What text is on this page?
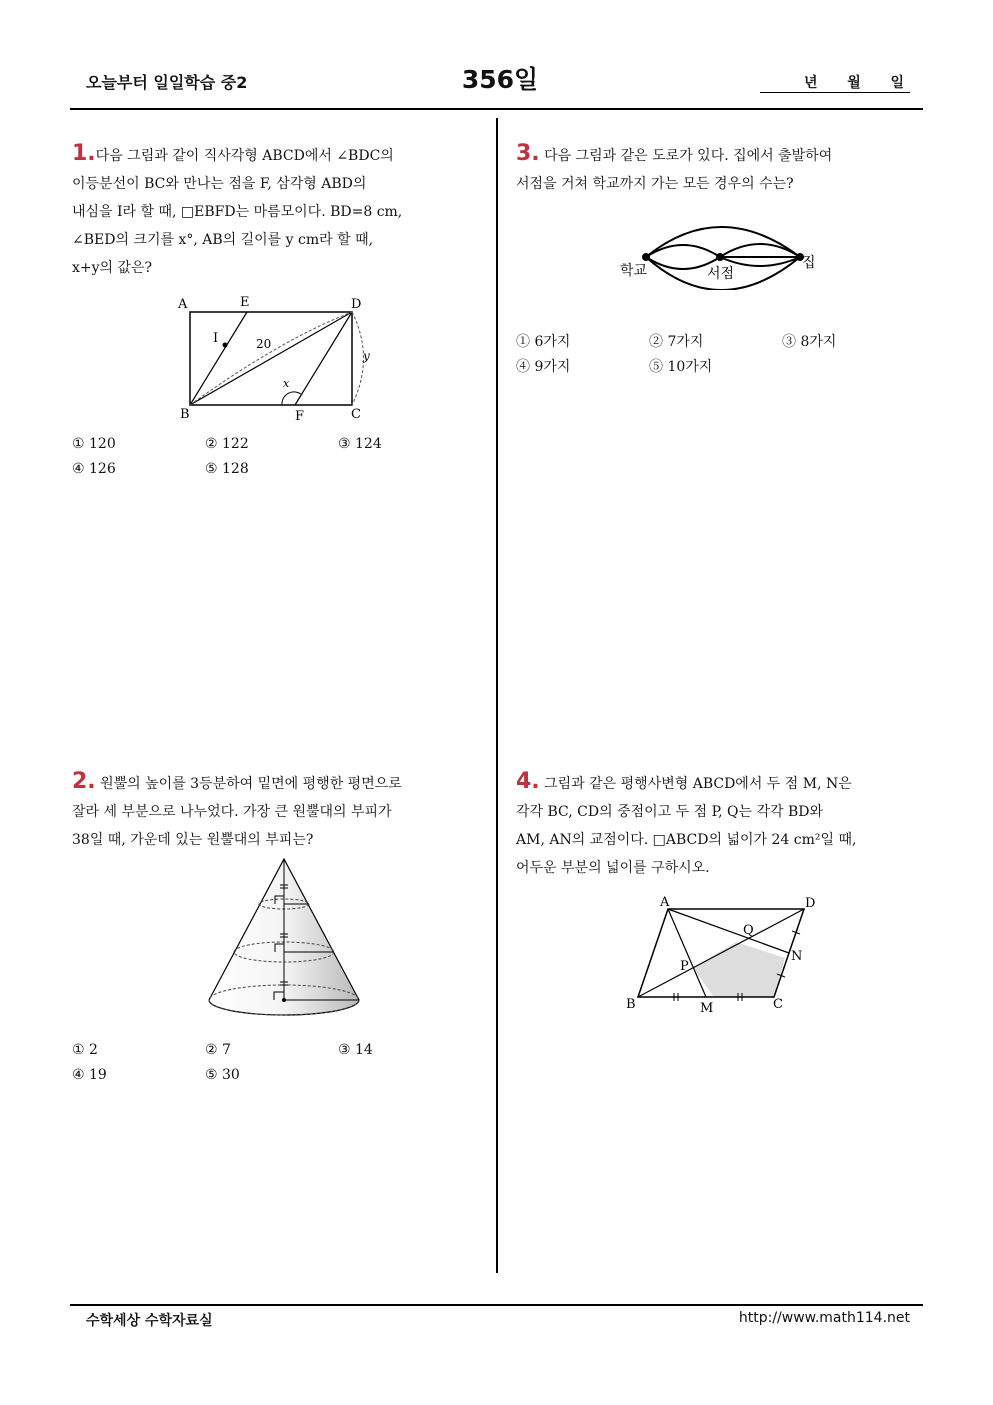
오늘부터 일일학습 중2	356일	년 월 일
1.다음 그림과 같이 직사각형 ABCD에서 ∠BDC의
이등분선이 BC와 만나는 점을 F, 삼각형 ABD의
내심을 I라 할 때, □EBFD는 마름모이다. BD=8 cm,
∠BED의 크기를 x°, AB의 길이를 y cm라 할 때,
x+y의 값은?
A	E	D
I	20
y
x
B	F	C
① 120	② 122	③ 124
④ 126	⑤ 128
2. 원뿔의 높이를 3등분하여 밑면에 평행한 평면으로
잘라 세 부분으로 나누었다. 가장 큰 원뿔대의 부피가
38일 때, 가운데 있는 원뿔대의 부피는?
① 2	② 7	③ 14
④ 19	⑤ 30
3. 다음 그림과 같은 도로가 있다. 집에서 출발하여
서점을 거쳐 학교까지 가는 모든 경우의 수는?
학교	서점
집
① 6가지	② 7가지	③ 8가지
④ 9가지	⑤ 10가지
4. 그림과 같은 평행사변형 ABCD에서 두 점 M, N은
각각 BC, CD의 중점이고 두 점 P, Q는 각각 BD와
AM, AN의 교점이다. □ABCD의 넓이가 24 cm²일 때,
어두운 부분의 넓이를 구하시오.
A	D
Q
N
P
B	M	C
수학세상 수학자료실	http://www.math114.net
